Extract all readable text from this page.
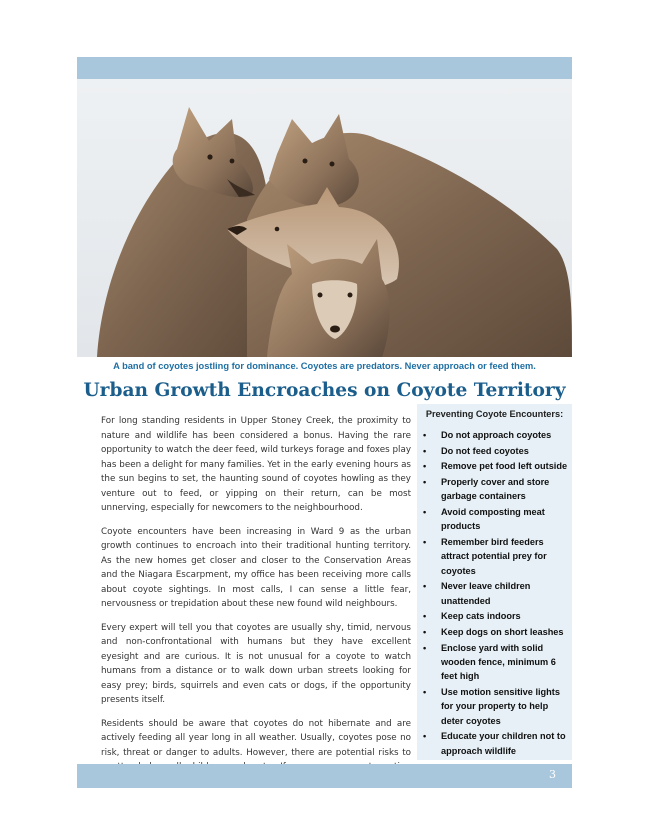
A band of coyotes jostling for dominance. Coyotes are predators. Never approach or feed them.
Urban Growth Encroaches on Coyote Territory

For long standing residents in Upper Stoney Creek, the proximity to nature and wildlife has been considered a bonus. Having the rare opportunity to watch the deer feed, wild turkeys forage and foxes play has been a delight for many families. Yet in the early evening hours as the sun begins to set, the haunting sound of coyotes howling as they venture out to feed, or yipping on their return, can be most unnerving, especially for newcomers to the neighbourhood.

Coyote encounters have been increasing in Ward 9 as the urban growth continues to encroach into their traditional hunting territory. As the new homes get closer and closer to the Conservation Areas and the Niagara Escarpment, my office has been receiving more calls about coyote sightings. In most calls, I can sense a little fear, nervousness or trepidation about these new found wild neighbours.

Every expert will tell you that coyotes are usually shy, timid, nervous and non-confrontational with humans but they have excellent eyesight and are curious. It is not unusual for a coyote to watch humans from a distance or to walk down urban streets looking for easy prey; birds, squirrels and even cats or dogs, if the opportunity presents itself.

Residents should be aware that coyotes do not hibernate and are actively feeding all year long in all weather. Usually, coyotes pose no risk, threat or danger to adults. However, there are potential risks to

Preventing Coyote Encounters:
• Do not approach coyotes
• Do not feed coyotes
• Remove pet food left outside
• Properly cover and store garbage containers
• Avoid composting meat products
• Remember bird feeders attract potential prey for coyotes
• Never leave children unattended
• Keep cats indoors
• Keep dogs on short leashes
• Enclose yard with solid wooden fence, minimum 6 feet high
• Use motion sensitive lights for your property to help deter coyotes
• Educate your children not to approach wildlife
3
